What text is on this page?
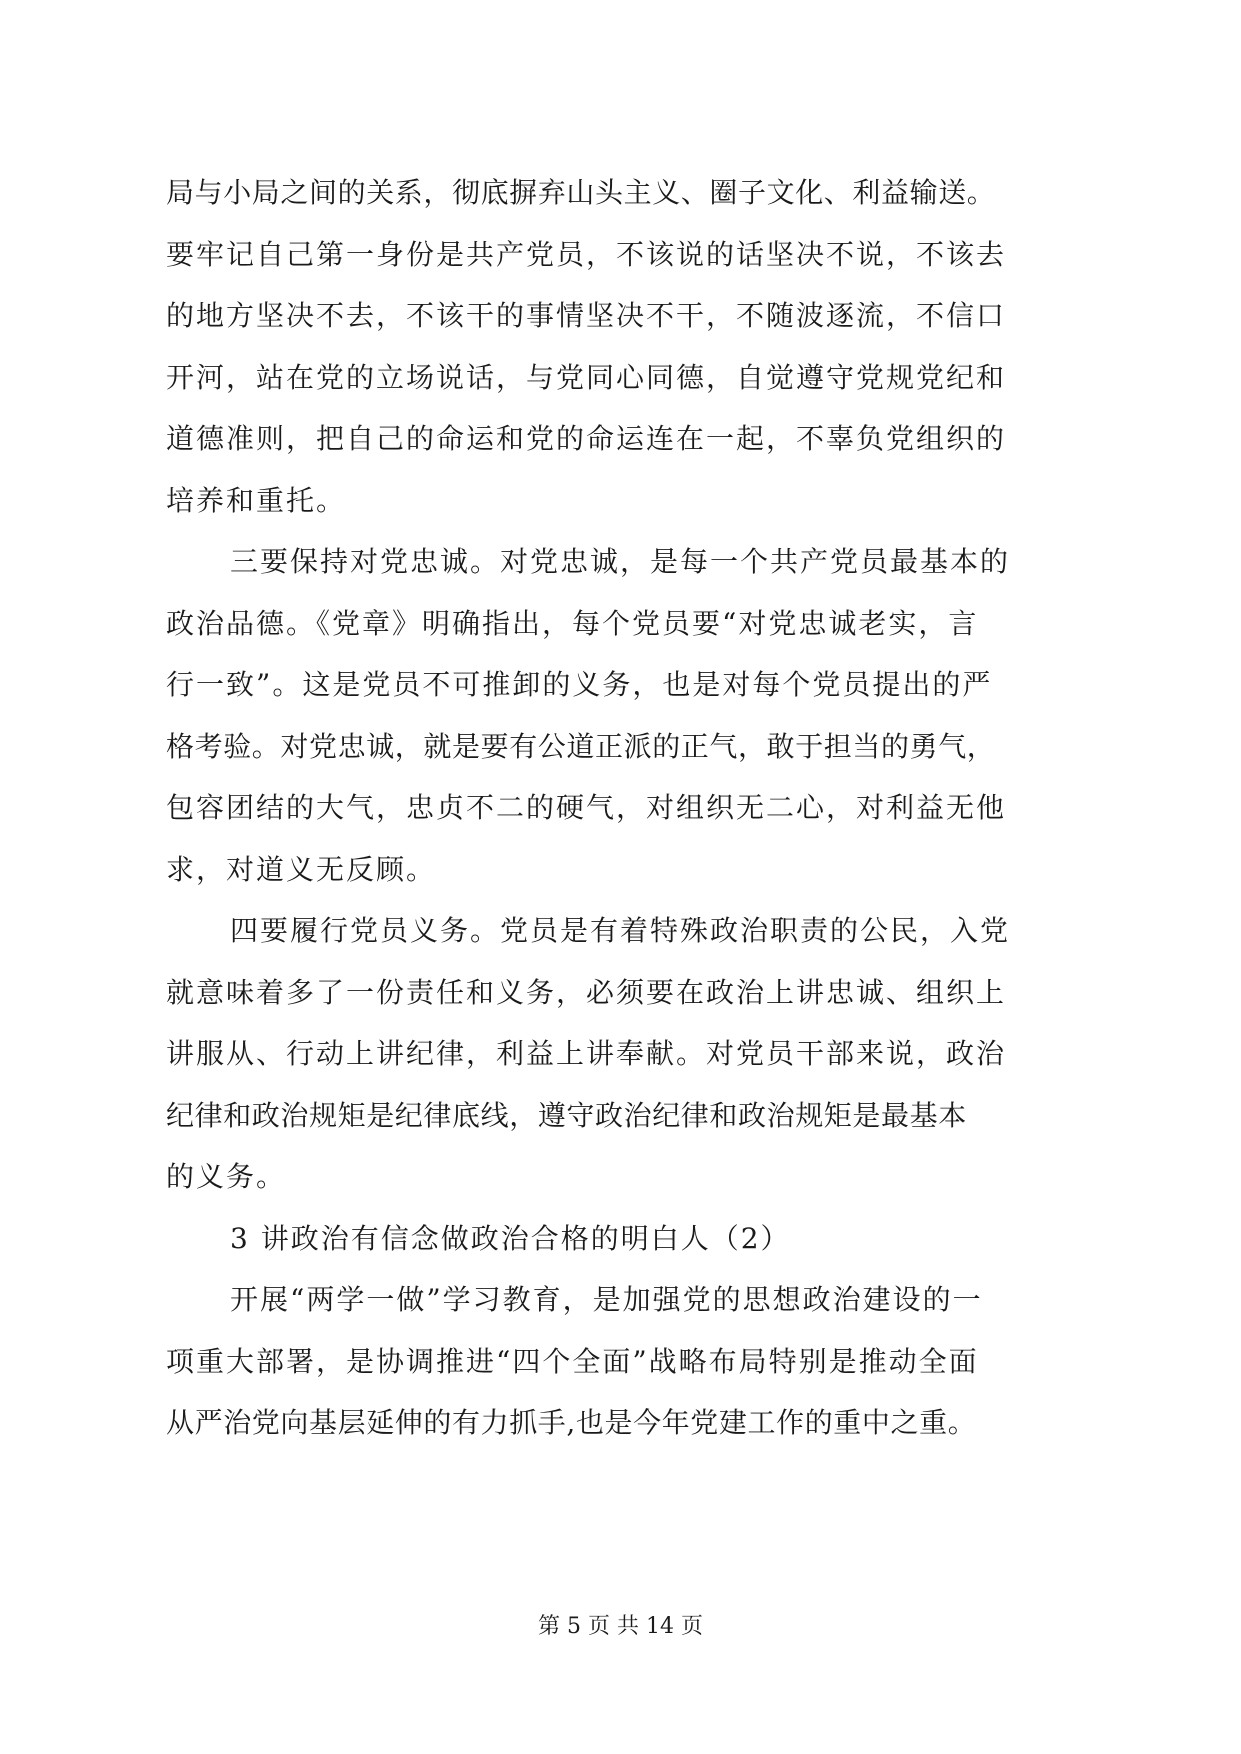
局与小局之间的关系，彻底摒弃山头主义、圈子文化、利益输送。
要牢记自己第一身份是共产党员，不该说的话坚决不说，不该去
的地方坚决不去，不该干的事情坚决不干，不随波逐流，不信口
开河，站在党的立场说话，与党同心同德，自觉遵守党规党纪和
道德准则，把自己的命运和党的命运连在一起，不辜负党组织的
培养和重托。
三要保持对党忠诚。对党忠诚，是每一个共产党员最基本的
政治品德。《党章》明确指出，每个党员要“对党忠诚老实，言
行一致”。这是党员不可推卸的义务，也是对每个党员提出的严
格考验。对党忠诚，就是要有公道正派的正气，敢于担当的勇气，
包容团结的大气，忠贞不二的硬气，对组织无二心，对利益无他
求，对道义无反顾。
四要履行党员义务。党员是有着特殊政治职责的公民，入党
就意味着多了一份责任和义务，必须要在政治上讲忠诚、组织上
讲服从、行动上讲纪律，利益上讲奉献。对党员干部来说，政治
纪律和政治规矩是纪律底线，遵守政治纪律和政治规矩是最基本
的义务。
3 讲政治有信念做政治合格的明白人（2）
开展“两学一做”学习教育，是加强党的思想政治建设的一
项重大部署，是协调推进“四个全面”战略布局特别是推动全面
从严治党向基层延伸的有力抓手,也是今年党建工作的重中之重。
第 5 页 共 14 页
